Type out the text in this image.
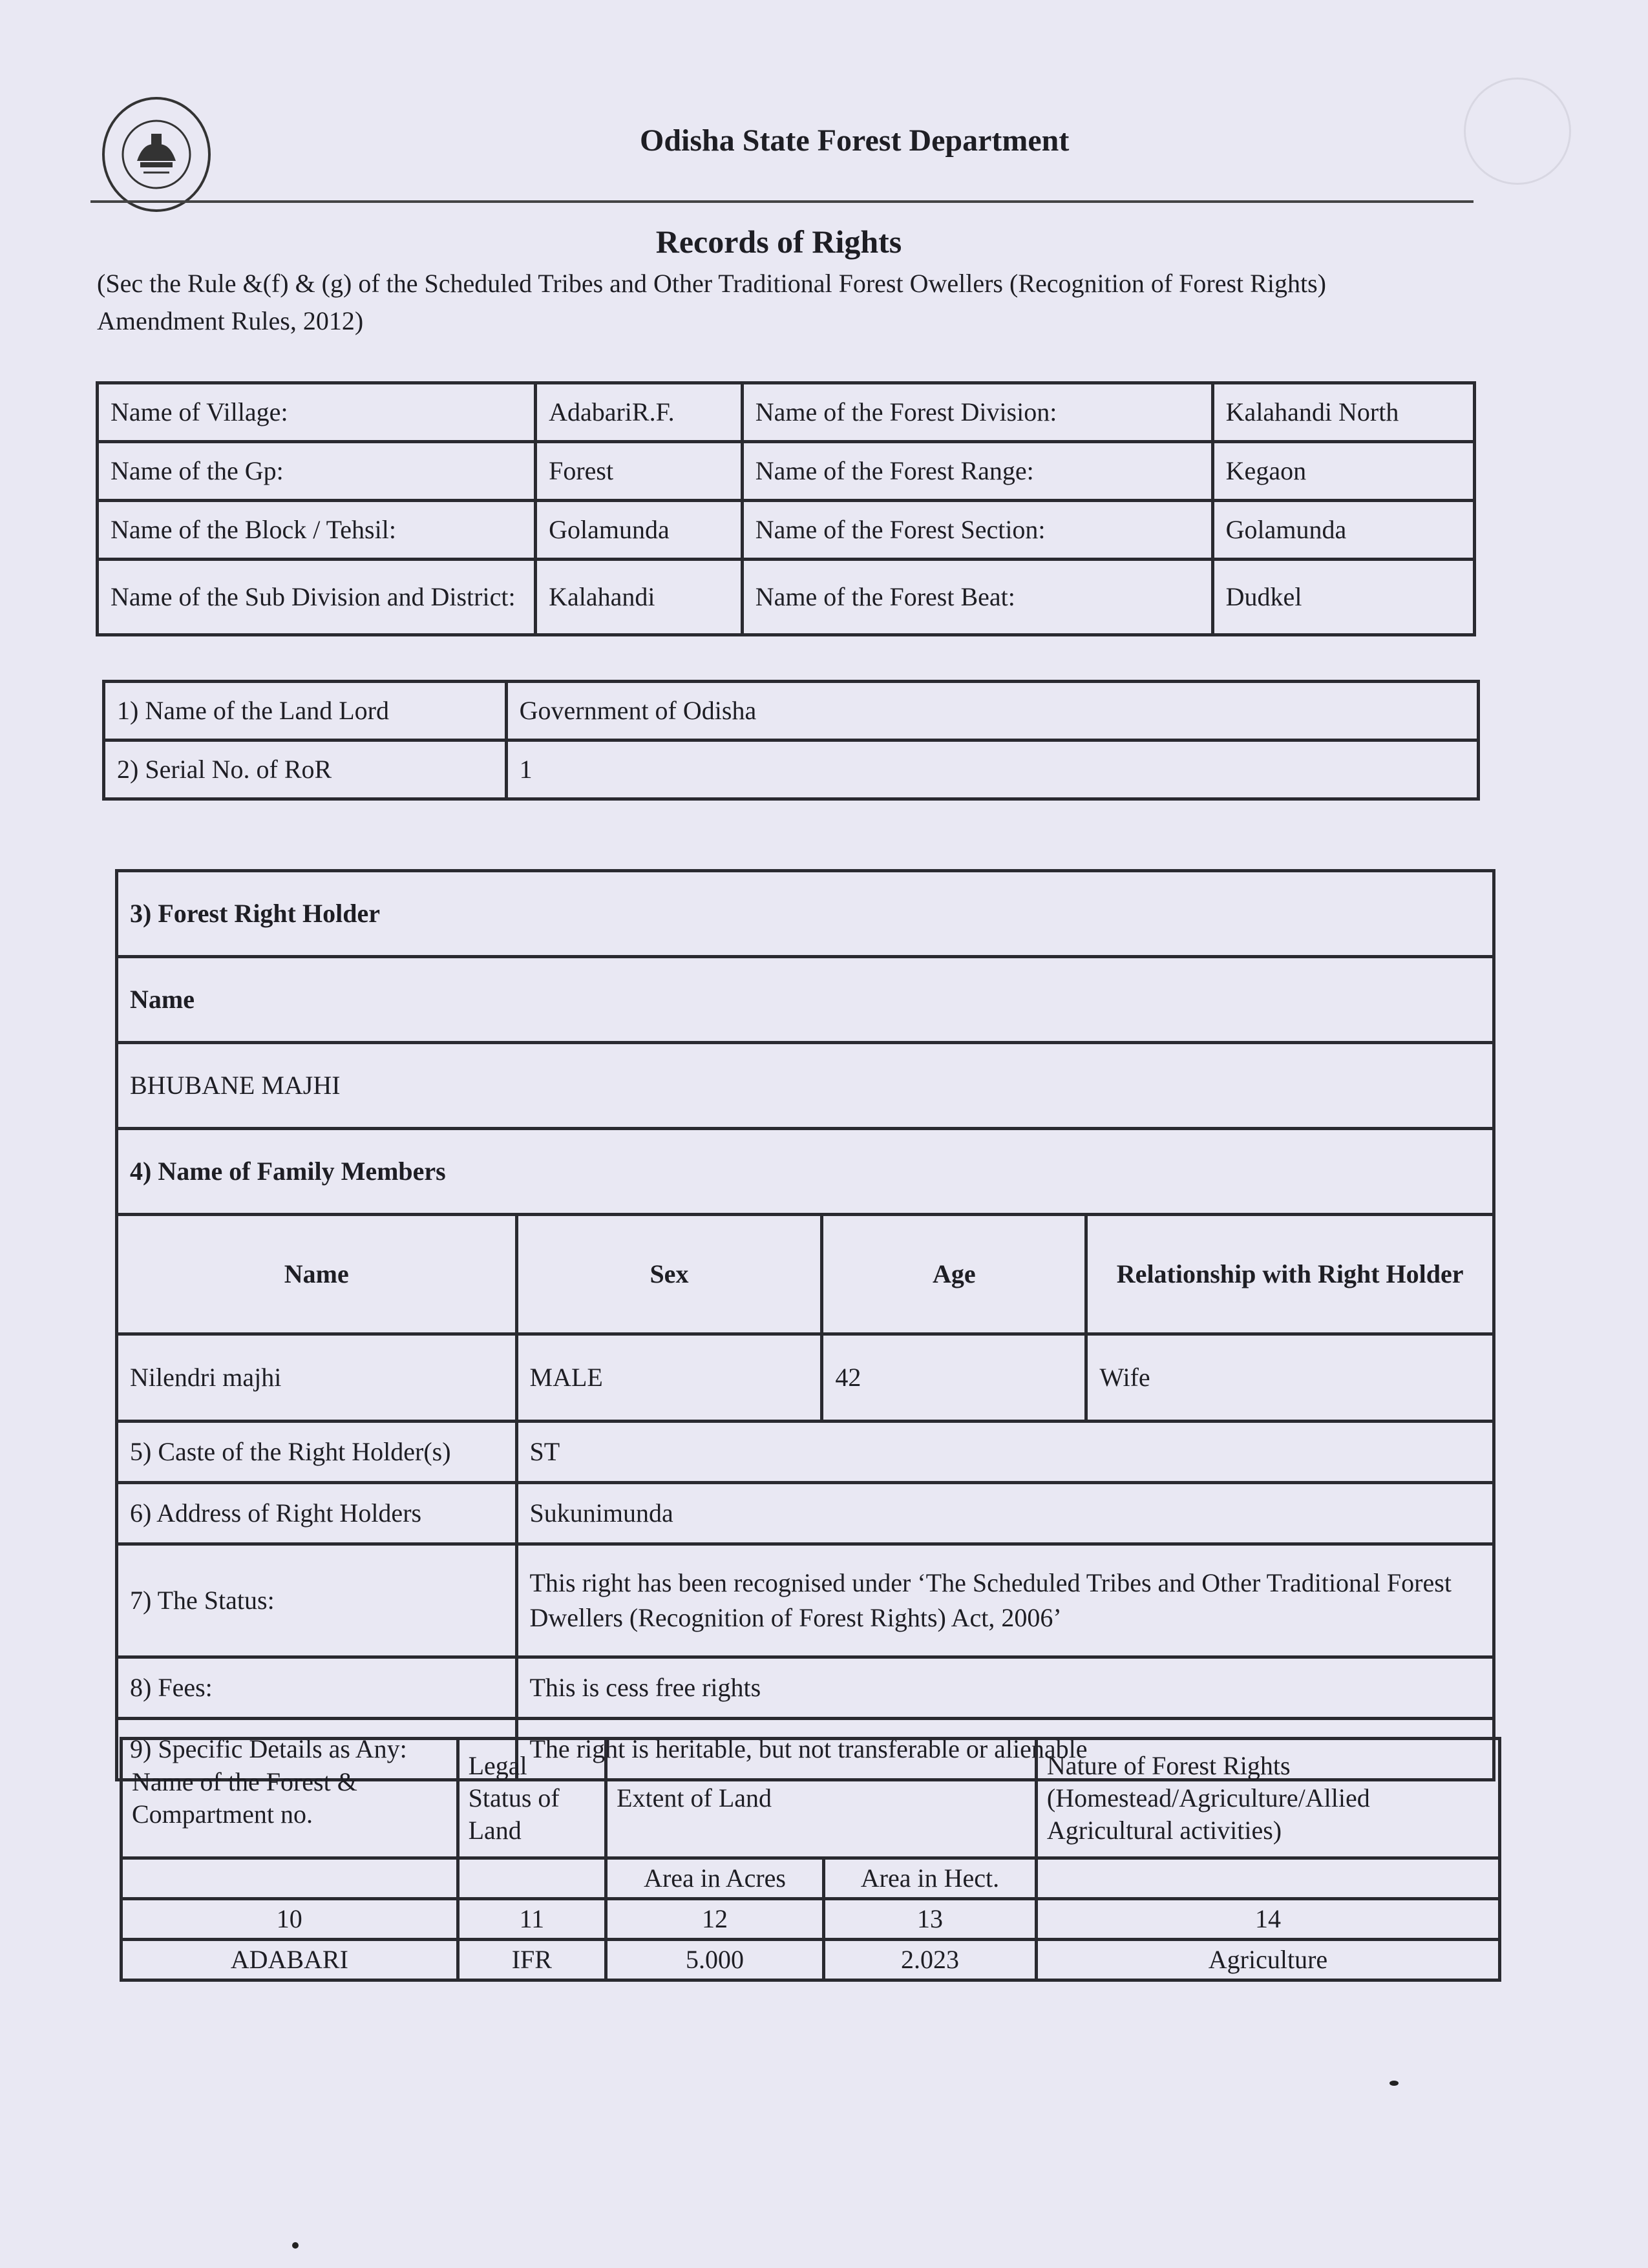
Odisha State Forest Department
Records of Rights
(Sec the Rule &(f) & (g) of the Scheduled Tribes and Other Traditional Forest Owellers (Recognition of Forest Rights) Amendment Rules, 2012)
Name of Village:	AdabariR.F.	Name of the Forest Division:	Kalahandi North
Name of the Gp:	Forest	Name of the Forest Range:	Kegaon
Name of the Block / Tehsil:	Golamunda	Name of the Forest Section:	Golamunda
Name of the Sub Division and District:	Kalahandi	Name of the Forest Beat:	Dudkel
1) Name of the Land Lord	Government of Odisha
2) Serial No. of RoR	1
3) Forest Right Holder			
Name			
BHUBANE MAJHI			
4) Name of Family Members			
Name	Sex	Age	Relationship with Right Holder
Nilendri majhi	MALE	42	Wife
5) Caste of the Right Holder(s)	ST		
6) Address of Right Holders	Sukunimunda		
7) The Status:	This right has been recognised under ‘The Scheduled Tribes and Other Traditional Forest Dwellers (Recognition of Forest Rights) Act, 2006’		
8) Fees:	This is cess free rights		
9) Specific Details as Any:	The right is heritable, but not transferable or alienable		
Name of the Forest & Compartment no.	Legal Status of Land	Extent of Land		Nature of Forest Rights (Homestead/Agriculture/Allied Agricultural activities)
		Area in Acres	Area in Hect.	
10	11	12	13	14
ADABARI	IFR	5.000	2.023	Agriculture
